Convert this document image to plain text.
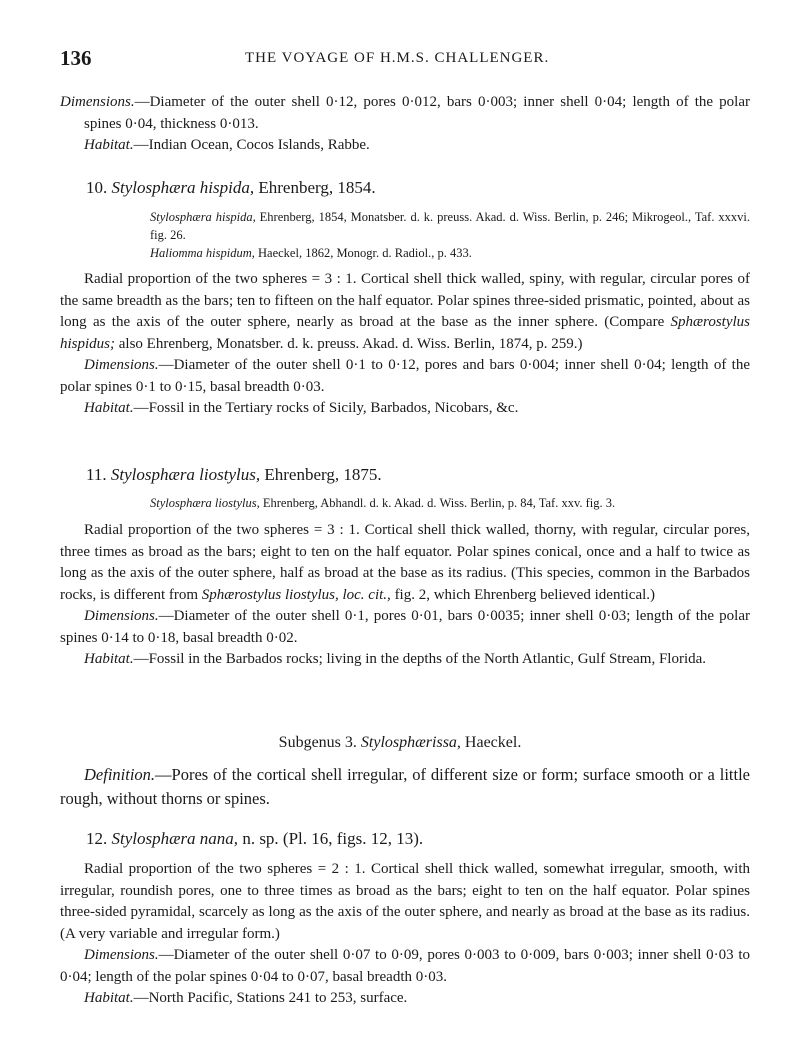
136	THE VOYAGE OF H.M.S. CHALLENGER.

Dimensions.—Diameter of the outer shell 0·12, pores 0·012, bars 0·003; inner shell 0·04; length of the polar spines 0·04, thickness 0·013.

Habitat.—Indian Ocean, Cocos Islands, Rabbe.

10. Stylosphæra hispida, Ehrenberg, 1854.

Stylosphæra hispida, Ehrenberg, 1854, Monatsber. d. k. preuss. Akad. d. Wiss. Berlin, p. 246; Mikrogeol., Taf. xxxvi. fig. 26.

Haliomma hispidum, Haeckel, 1862, Monogr. d. Radiol., p. 433.

Radial proportion of the two spheres = 3 : 1. Cortical shell thick walled, spiny, with regular, circular pores of the same breadth as the bars; ten to fifteen on the half equator. Polar spines three-sided prismatic, pointed, about as long as the axis of the outer sphere, nearly as broad at the base as the inner sphere. (Compare Sphærostylus hispidus; also Ehrenberg, Monatsber. d. k. preuss. Akad. d. Wiss. Berlin, 1874, p. 259.)

Dimensions.—Diameter of the outer shell 0·1 to 0·12, pores and bars 0·004; inner shell 0·04; length of the polar spines 0·1 to 0·15, basal breadth 0·03.

Habitat.—Fossil in the Tertiary rocks of Sicily, Barbados, Nicobars, &c.

11. Stylosphæra liostylus, Ehrenberg, 1875.

Stylosphæra liostylus, Ehrenberg, Abhandl. d. k. Akad. d. Wiss. Berlin, p. 84, Taf. xxv. fig. 3.

Radial proportion of the two spheres = 3 : 1. Cortical shell thick walled, thorny, with regular, circular pores, three times as broad as the bars; eight to ten on the half equator. Polar spines conical, once and a half to twice as long as the axis of the outer sphere, half as broad at the base as its radius. (This species, common in the Barbados rocks, is different from Sphærostylus liostylus, loc. cit., fig. 2, which Ehrenberg believed identical.)

Dimensions.—Diameter of the outer shell 0·1, pores 0·01, bars 0·0035; inner shell 0·03; length of the polar spines 0·14 to 0·18, basal breadth 0·02.

Habitat.—Fossil in the Barbados rocks; living in the depths of the North Atlantic, Gulf Stream, Florida.

Subgenus 3. Stylosphærissa, Haeckel.

Definition.—Pores of the cortical shell irregular, of different size or form; surface smooth or a little rough, without thorns or spines.

12. Stylosphæra nana, n. sp. (Pl. 16, figs. 12, 13).

Radial proportion of the two spheres = 2 : 1. Cortical shell thick walled, somewhat irregular, smooth, with irregular, roundish pores, one to three times as broad as the bars; eight to ten on the half equator. Polar spines three-sided pyramidal, scarcely as long as the axis of the outer sphere, and nearly as broad at the base as its radius. (A very variable and irregular form.)

Dimensions.—Diameter of the outer shell 0·07 to 0·09, pores 0·003 to 0·009, bars 0·003; inner shell 0·03 to 0·04; length of the polar spines 0·04 to 0·07, basal breadth 0·03.

Habitat.—North Pacific, Stations 241 to 253, surface.
